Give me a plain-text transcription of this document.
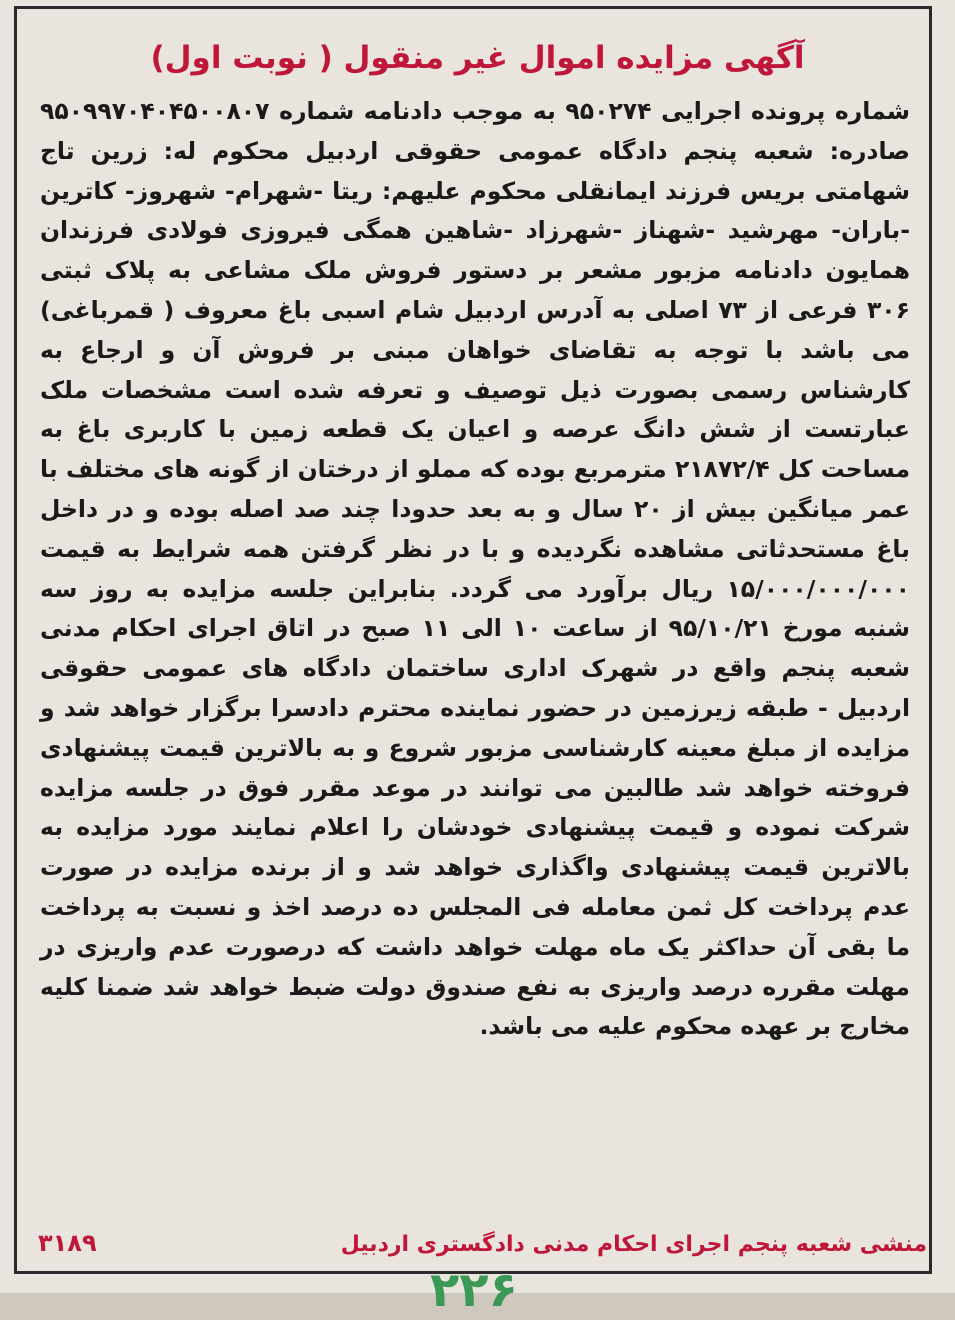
آگهی مزایده اموال غیر منقول ( نوبت اول)

شماره پرونده اجرایی ۹۵۰۲۷۴ به موجب دادنامه شماره ۹۵۰۹۹۷۰۴۰۴۵۰۰۸۰۷ صادره: شعبه پنجم دادگاه عمومی حقوقی اردبیل محکوم له: زرین تاج شهامتی بریس فرزند ایمانقلی محکوم علیهم: ریتا -شهرام- شهروز- کاترین -باران- مهرشید -شهناز -شهرزاد -شاهین همگی فیروزی فولادی فرزندان همایون دادنامه مزبور مشعر بر دستور فروش ملک مشاعی به پلاک ثبتی ۳۰۶ فرعی از ۷۳ اصلی به آدرس اردبیل شام اسبی باغ معروف ( قمرباغی) می باشد با توجه به تقاضای خواهان مبنی بر فروش آن و ارجاع به کارشناس رسمی بصورت ذیل توصیف و تعرفه شده است مشخصات ملک عبارتست از شش دانگ عرصه و اعیان یک قطعه زمین با کاربری باغ به مساحت کل ۲۱۸۷۲/۴ مترمربع بوده که مملو از درختان از گونه های مختلف با عمر میانگین بیش از ۲۰ سال و به بعد حدودا چند صد اصله بوده و در داخل باغ مستحدثاتی مشاهده نگردیده و با در نظر گرفتن همه شرایط به قیمت ۱۵/۰۰۰/۰۰۰/۰۰۰ ریال برآورد می گردد. بنابراین جلسه مزایده به روز سه شنبه مورخ ۹۵/۱۰/۲۱ از ساعت ۱۰ الی ۱۱ صبح در اتاق اجرای احکام مدنی شعبه پنجم واقع در شهرک اداری ساختمان دادگاه های عمومی حقوقی اردبیل - طبقه زیرزمین در حضور نماینده محترم دادسرا برگزار خواهد شد و مزایده از مبلغ معینه کارشناسی مزبور شروع و به بالاترین قیمت پیشنهادی فروخته خواهد شد طالبین می توانند در موعد مقرر فوق در جلسه مزایده شرکت نموده و قیمت پیشنهادی خودشان را اعلام نمایند مورد مزایده به بالاترین قیمت پیشنهادی واگذاری خواهد شد و از برنده مزایده در صورت عدم پرداخت کل ثمن معامله فی المجلس ده درصد اخذ و نسبت به پرداخت ما بقی آن حداکثر یک ماه مهلت خواهد داشت که درصورت عدم واریزی در مهلت مقرره درصد واریزی به نفع صندوق دولت ضبط خواهد شد ضمنا کلیه مخارج بر عهده محکوم علیه می باشد.

منشی شعبه پنجم اجرای احکام مدنی دادگستری اردبیل
۳۱۸۹
۲۲۶
